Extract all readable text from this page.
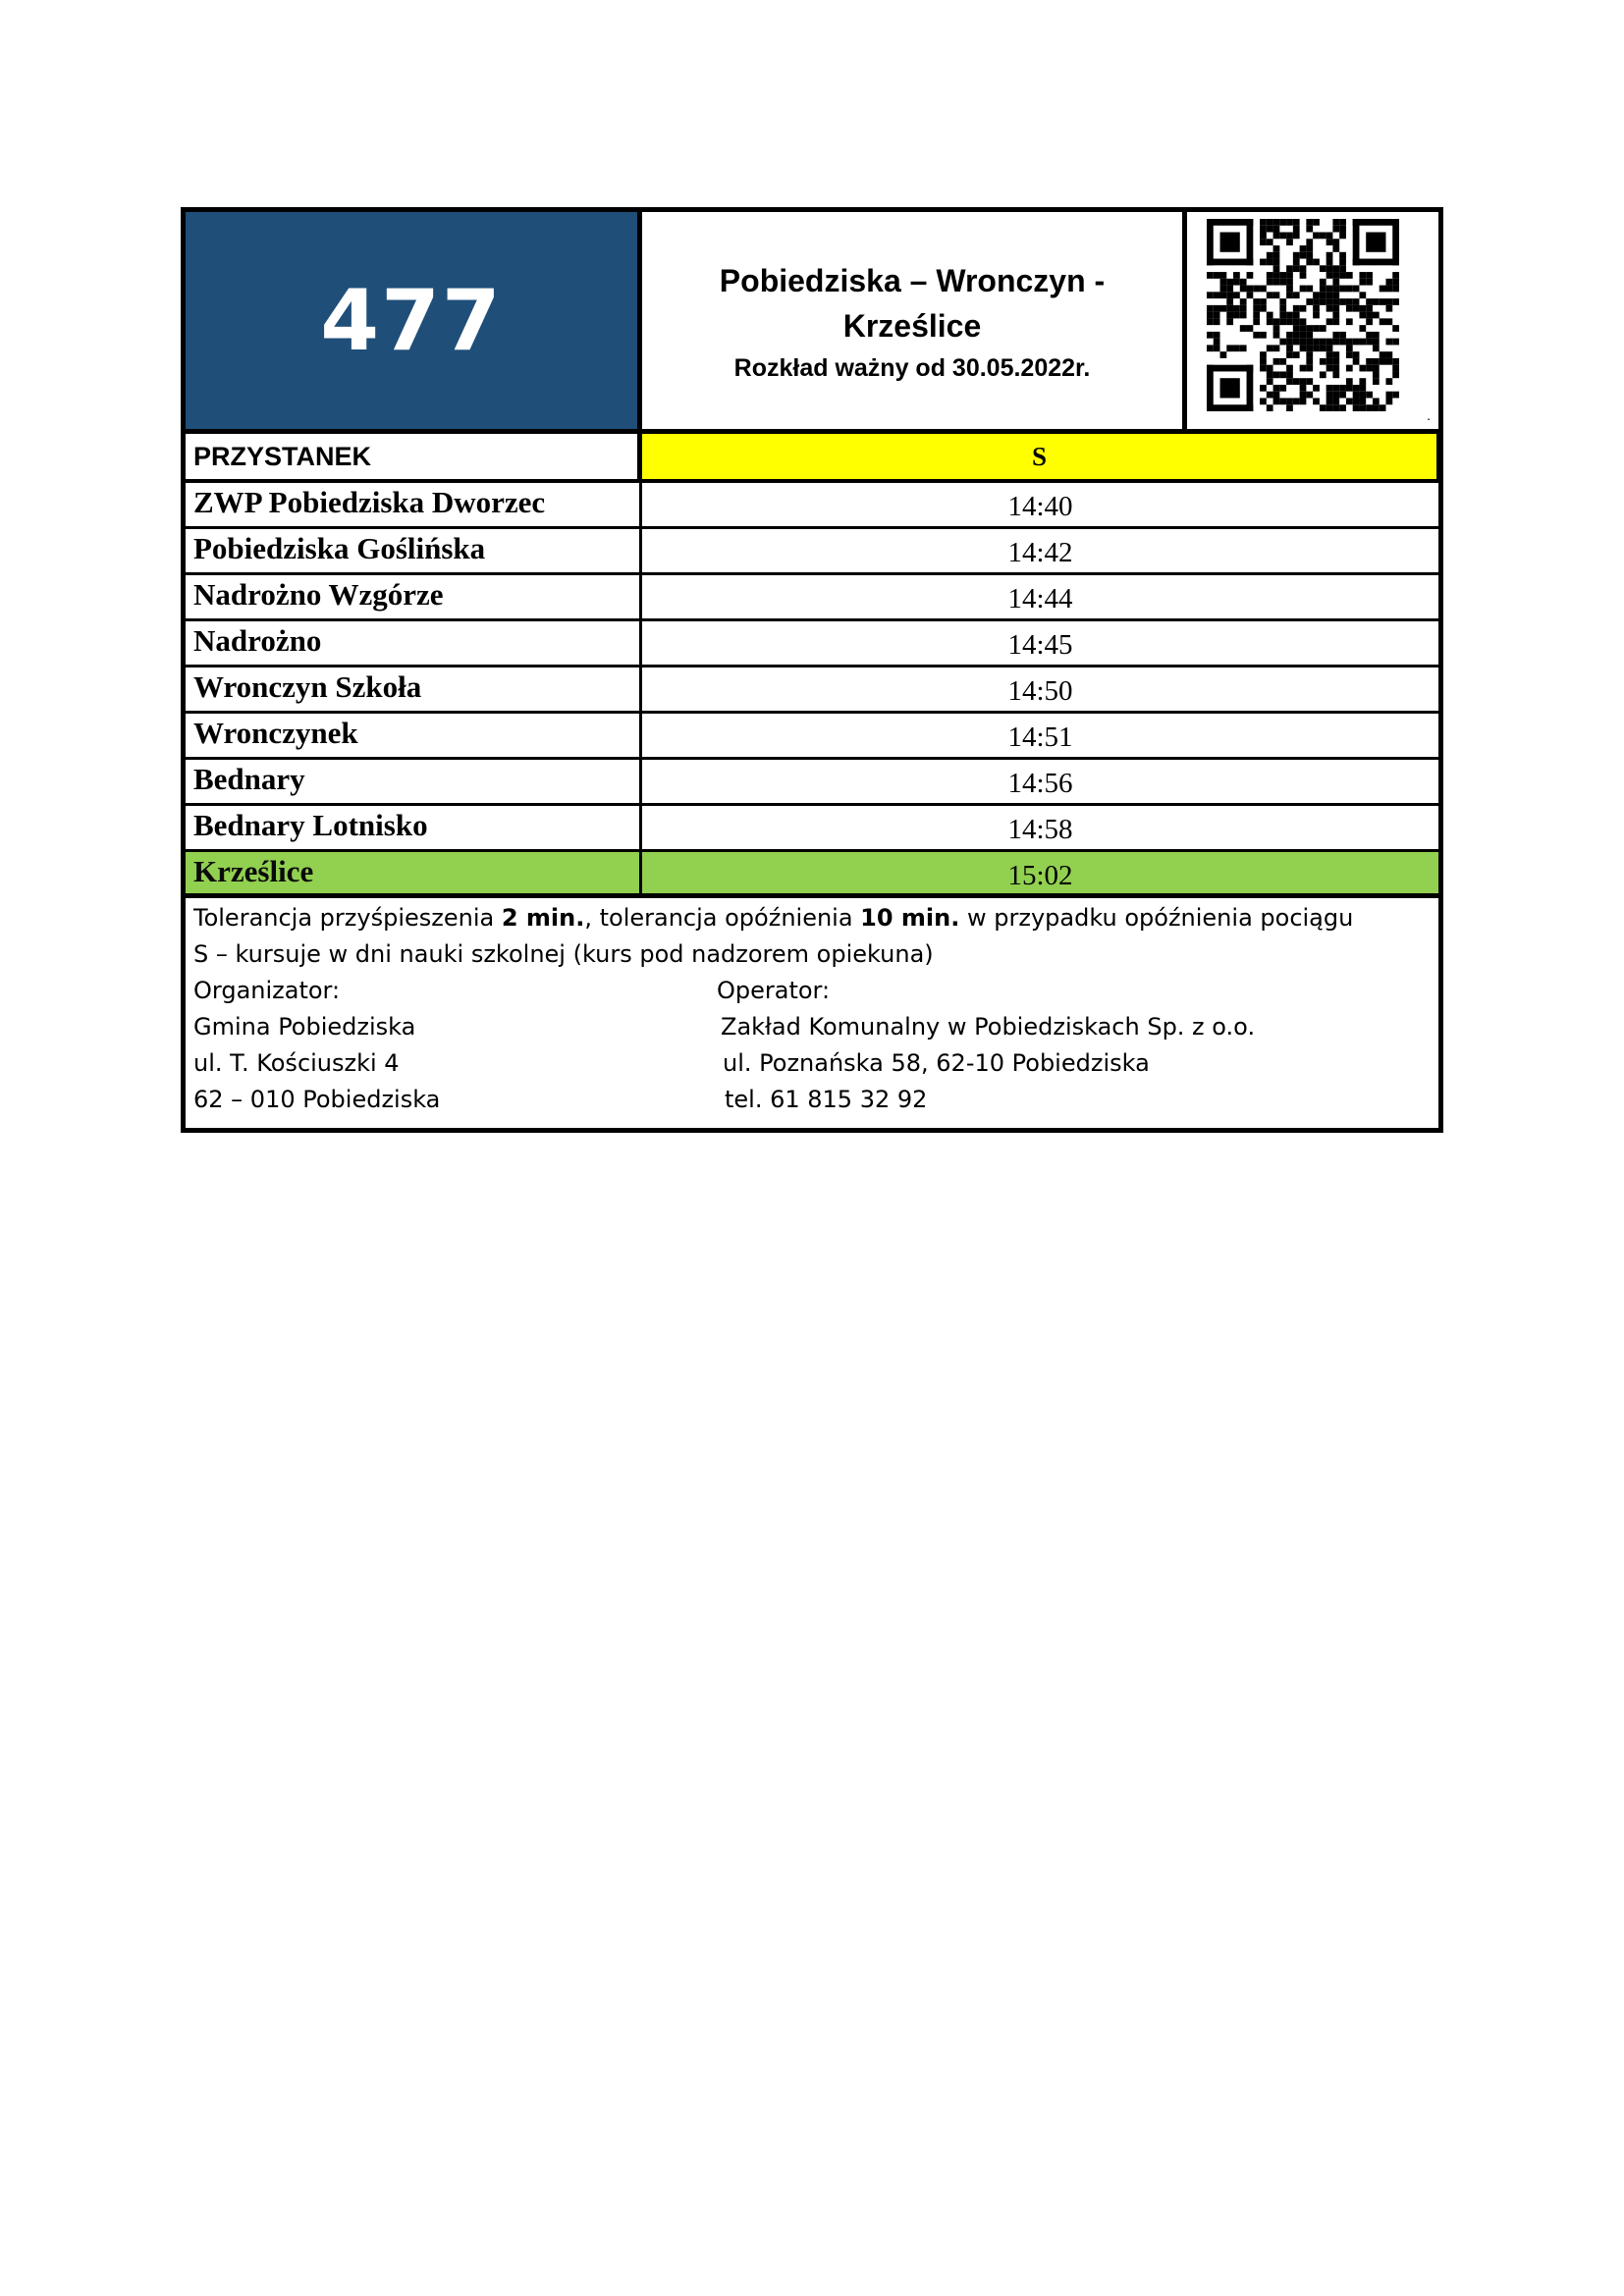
477	Pobiedziska – Wronczyn -
Krześlice
Rozkład ważny od 30.05.2022r.
.
PRZYSTANEK	S
ZWP Pobiedziska Dworzec	14:40
Pobiedziska Goślińska	14:42
Nadrożno Wzgórze	14:44
Nadrożno	14:45
Wronczyn Szkoła	14:50
Wronczynek	14:51
Bednary	14:56
Bednary Lotnisko	14:58
Krześlice	15:02
Tolerancja przyśpieszenia 2 min., tolerancja opóźnienia 10 min. w przypadku opóźnienia pociągu
S – kursuje w dni nauki szkolnej (kurs pod nadzorem opiekuna)
Organizator:	Operator:
Gmina Pobiedziska	Zakład Komunalny w Pobiedziskach Sp. z o.o.
ul. T. Kościuszki 4	ul. Poznańska 58, 62-10 Pobiedziska
62 – 010 Pobiedziska	tel. 61 815 32 92
